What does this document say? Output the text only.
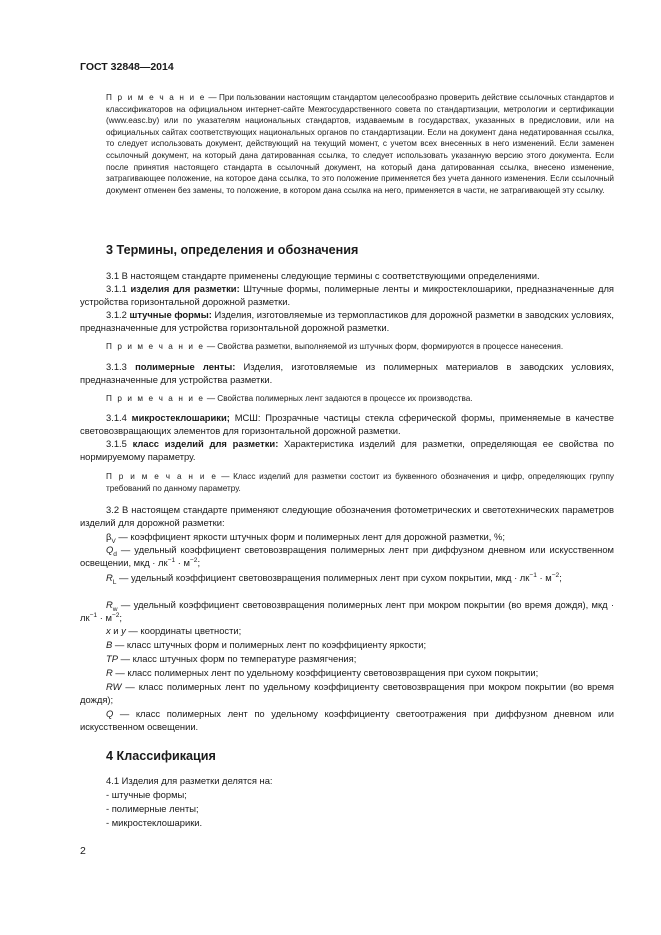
ГОСТ 32848—2014

П р и м е ч а н и е — При пользовании настоящим стандартом целесообразно проверить действие ссылочных стандартов и классификаторов на официальном интернет-сайте Межгосударственного совета по стандартизации, метрологии и сертификации (www.easc.by) или по указателям национальных стандартов, издаваемым в государствах, указанных в предисловии, или на официальных сайтах соответствующих национальных органов по стандартизации. Если на документ дана недатированная ссылка, то следует использовать документ, действующий на текущий момент, с учетом всех внесенных в него изменений. Если заменен ссылочный документ, на который дана датированная ссылка, то следует использовать указанную версию этого документа. Если после принятия настоящего стандарта в ссылочный документ, на который дана датированная ссылка, внесено изменение, затрагивающее положение, на которое дана ссылка, то это положение применяется без учета данного изменения. Если ссылочный документ отменен без замены, то положение, в котором дана ссылка на него, применяется в части, не затрагивающей эту ссылку.

3 Термины, определения и обозначения

3.1 В настоящем стандарте применены следующие термины с соответствующими определениями.

3.1.1 изделия для разметки: Штучные формы, полимерные ленты и микростеклошарики, предназначенные для устройства горизонтальной дорожной разметки.

3.1.2 штучные формы: Изделия, изготовляемые из термопластиков для дорожной разметки в заводских условиях, предназначенные для устройства горизонтальной дорожной разметки.

П р и м е ч а н и е — Свойства разметки, выполняемой из штучных форм, формируются в процессе нанесения.

3.1.3 полимерные ленты: Изделия, изготовляемые из полимерных материалов в заводских условиях, предназначенные для устройства разметки.

П р и м е ч а н и е — Свойства полимерных лент задаются в процессе их производства.

3.1.4 микростеклошарики; МСШ: Прозрачные частицы стекла сферической формы, применяемые в качестве световозвращающих элементов для горизонтальной дорожной разметки.

3.1.5 класс изделий для разметки: Характеристика изделий для разметки, определяющая ее свойства по нормируемому параметру.

П р и м е ч а н и е — Класс изделий для разметки состоит из буквенного обозначения и цифр, определяющих группу требований по данному параметру.

3.2 В настоящем стандарте применяют следующие обозначения фотометрических и светотехнических параметров изделий для дорожной разметки:

$\beta_V$ — коэффициент яркости штучных форм и полимерных лент для дорожной разметки, %;

$Q_d$ — удельный коэффициент световозвращения полимерных лент при диффузном дневном или искусственном освещении, мкд · $лк^{-1} \cdot м^{-2}$;

$R_L$ — удельный коэффициент световозвращения полимерных лент при сухом покрытии, мкд · $лк^{-1} \cdot м^{-2}$;

$R_w$ — удельный коэффициент световозвращения полимерных лент при мокром покрытии (во время дождя), мкд · $лк^{-1} \cdot м^{-2}$;

x и y — координаты цветности;

B — класс штучных форм и полимерных лент по коэффициенту яркости;

TP — класс штучных форм по температуре размягчения;

R — класс полимерных лент по удельному коэффициенту световозвращения при сухом покрытии;

RW — класс полимерных лент по удельному коэффициенту световозвращения при мокром покрытии (во время дождя);

Q — класс полимерных лент по удельному коэффициенту светоотражения при диффузном дневном или искусственном освещении.

4 Классификация

4.1 Изделия для разметки делятся на:

- штучные формы;

- полимерные ленты;

- микростеклошарики.

2
